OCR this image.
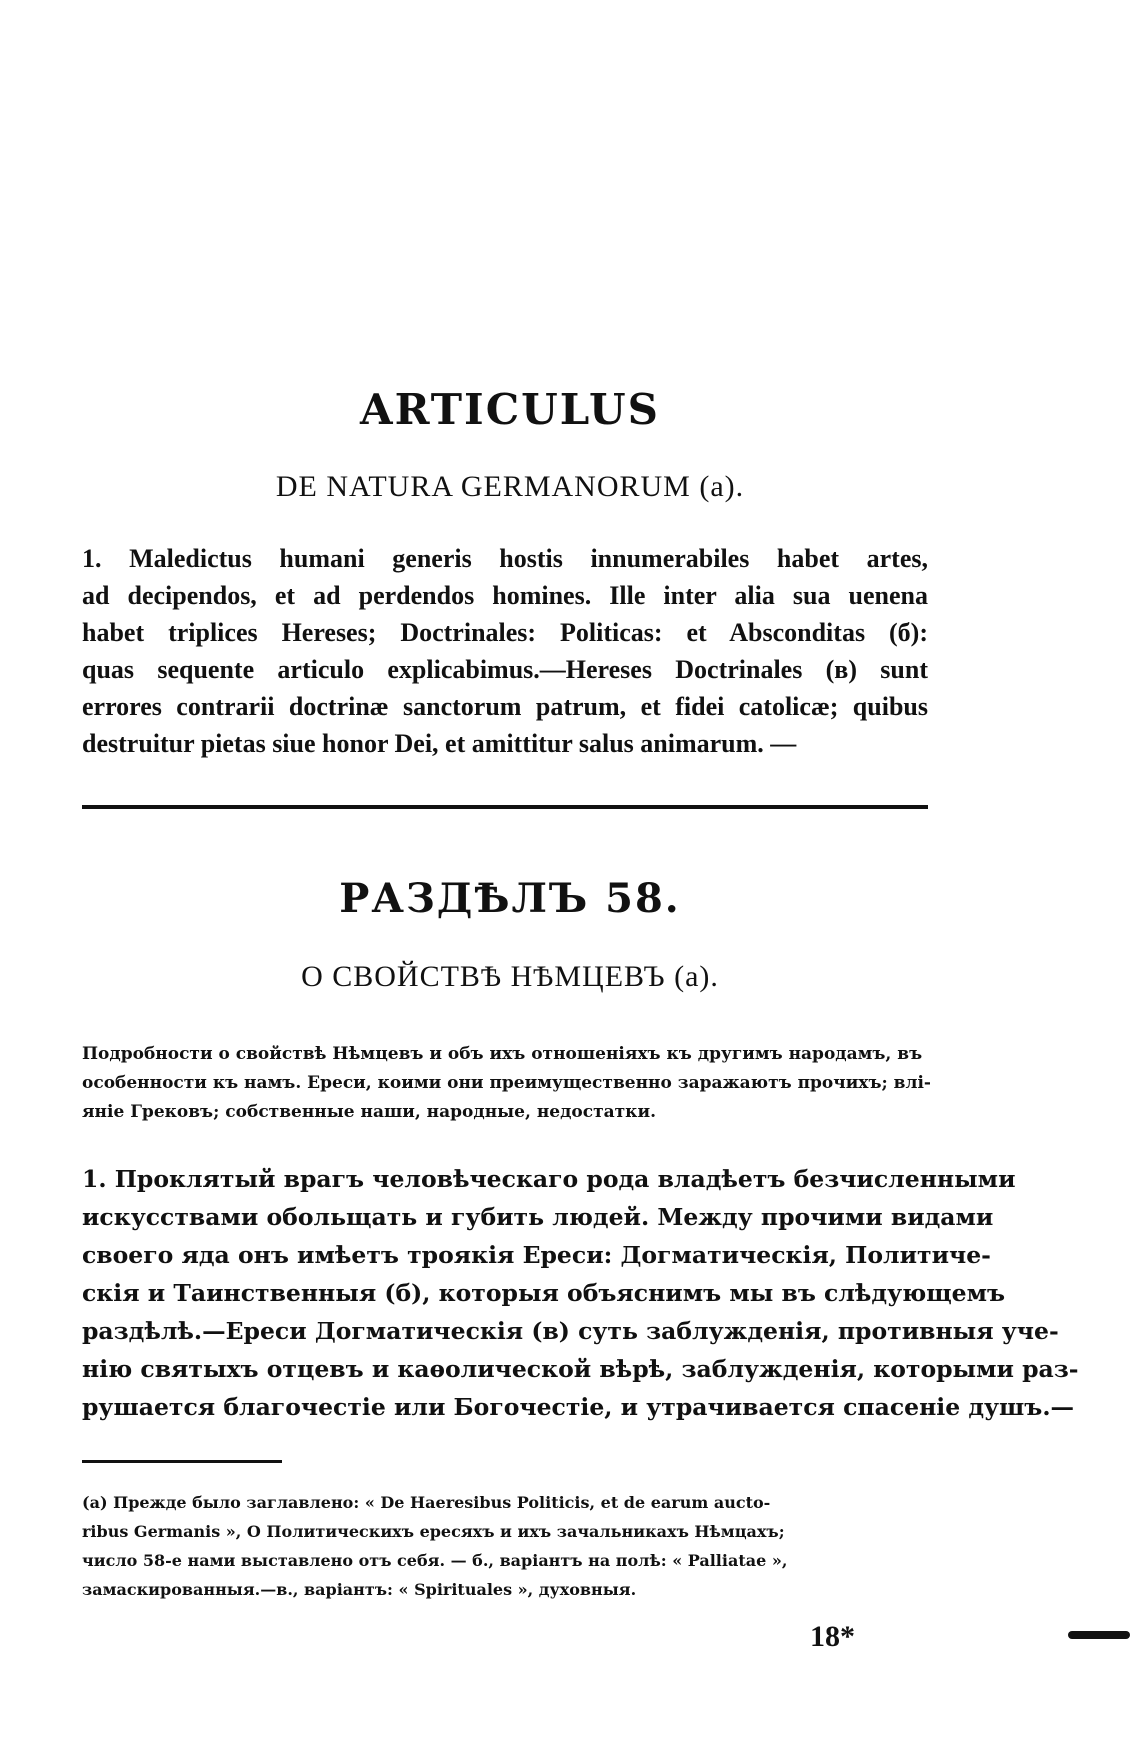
ARTICULUS
DE NATURA GERMANORUM (a).
1. Maledictus humani generis hostis innumerabiles habet artes,
ad decipendos, et ad perdendos homines. Ille inter alia sua uenena
habet triplices Hereses; Doctrinales: Politicas: et Absconditas (б):
quas sequente articulo explicabimus.—Hereses Doctrinales (в) sunt
errores contrarii doctrinæ sanctorum patrum, et fidei catolicæ; quibus
destruitur pietas siue honor Dei, et amittitur salus animarum. —
РАЗДѢЛЪ 58.
О СВОЙСТВѢ НѢМЦЕВЪ (a).
Подробности о свойствѣ Нѣмцевъ и объ ихъ отношеніяхъ къ другимъ народамъ, въ
особенности къ намъ. Ереси, коими они преимущественно заражаютъ прочихъ; влі-
яніе Грековъ; собственные наши, народные, недостатки.
1. Проклятый врагъ человѣческаго рода владѣетъ безчисленными
искусствами обольщать и губить людей. Между прочими видами
своего яда онъ имѣетъ троякія Ереси: Догматическія, Политиче-
скія и Таинственныя (б), которыя объяснимъ мы въ слѣдующемъ
раздѣлѣ.—Ереси Догматическія (в) суть заблужденія, противныя уче-
нію святыхъ отцевъ и каѳолической вѣрѣ, заблужденія, которыми раз-
рушается благочестіе или Богочестіе, и утрачивается спасеніе душъ.—
(a) Прежде было заглавлено: « De Haeresibus Politicis, et de earum aucto-
ribus Germanis », О Политическихъ ересяхъ и ихъ зачальникахъ Нѣмцахъ;
число 58-е нами выставлено отъ себя. — б., варіантъ на полѣ: « Palliatae »,
замаскированныя.—в., варіантъ: « Spirituales », духовныя.
18*
